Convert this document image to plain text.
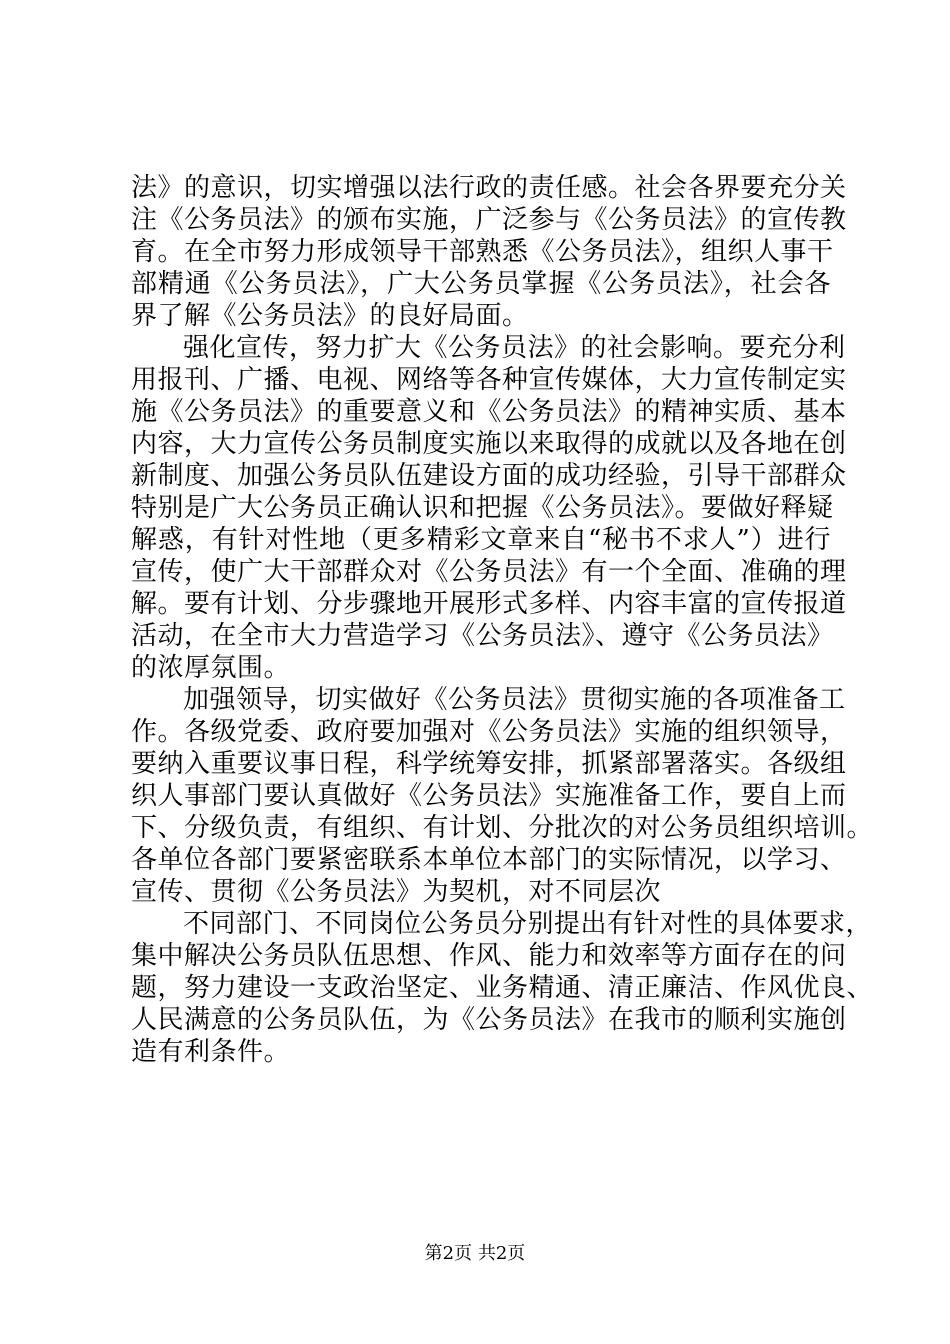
法》的意识，切实增强以法行政的责任感。社会各界要充分关
注《公务员法》的颁布实施，广泛参与《公务员法》的宣传教
育。在全市努力形成领导干部熟悉《公务员法》，组织人事干
部精通《公务员法》，广大公务员掌握《公务员法》，社会各
界了解《公务员法》的良好局面。
强化宣传，努力扩大《公务员法》的社会影响。要充分利
用报刊、广播、电视、网络等各种宣传媒体，大力宣传制定实
施《公务员法》的重要意义和《公务员法》的精神实质、基本
内容，大力宣传公务员制度实施以来取得的成就以及各地在创
新制度、加强公务员队伍建设方面的成功经验，引导干部群众
特别是广大公务员正确认识和把握《公务员法》。要做好释疑
解惑，有针对性地（更多精彩文章来自“秘书不求人”）进行
宣传，使广大干部群众对《公务员法》有一个全面、准确的理
解。要有计划、分步骤地开展形式多样、内容丰富的宣传报道
活动，在全市大力营造学习《公务员法》、遵守《公务员法》
的浓厚氛围。
加强领导，切实做好《公务员法》贯彻实施的各项准备工
作。各级党委、政府要加强对《公务员法》实施的组织领导，
要纳入重要议事日程，科学统筹安排，抓紧部署落实。各级组
织人事部门要认真做好《公务员法》实施准备工作，要自上而
下、分级负责，有组织、有计划、分批次的对公务员组织培训。
各单位各部门要紧密联系本单位本部门的实际情况，以学习、
宣传、贯彻《公务员法》为契机，对不同层次
不同部门、不同岗位公务员分别提出有针对性的具体要求，
集中解决公务员队伍思想、作风、能力和效率等方面存在的问
题，努力建设一支政治坚定、业务精通、清正廉洁、作风优良、
人民满意的公务员队伍，为《公务员法》在我市的顺利实施创
造有利条件。
第2页 共2页
